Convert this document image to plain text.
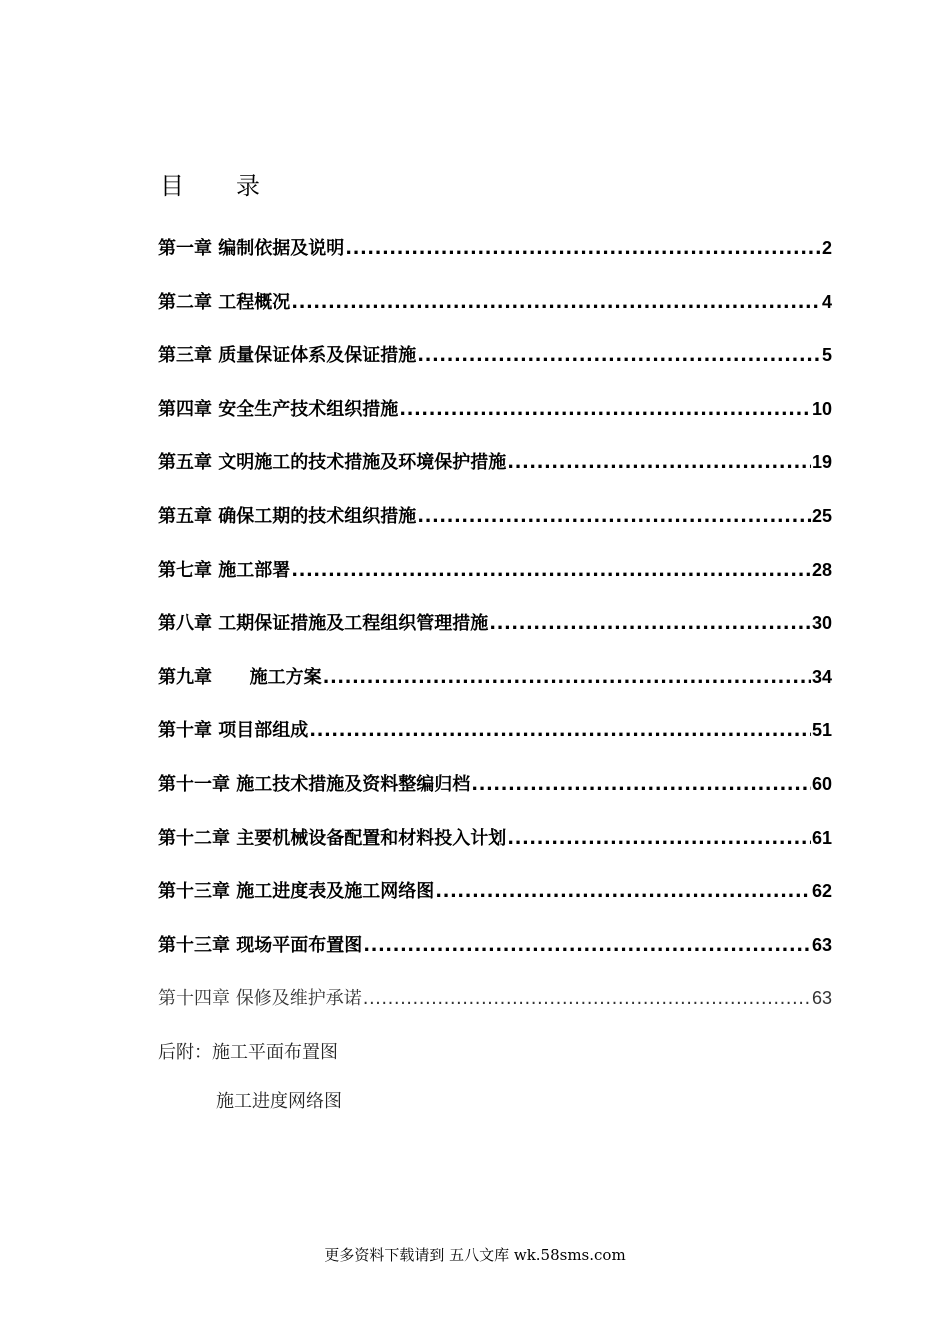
目 录
第一章 编制依据及说明 .....	2
第二章 工程概况 .....	4
第三章 质量保证体系及保证措施 .....	5
第四章 安全生产技术组织措施 .....	10
第五章 文明施工的技术措施及环境保护措施 .....	19
第五章 确保工期的技术组织措施 .....	25
第七章 施工部署 .....	28
第八章 工期保证措施及工程组织管理措施 .....	30
第九章      施工方案 .....	34
第十章 项目部组成 .....	51
第十一章 施工技术措施及资料整编归档 .....	60
第十二章 主要机械设备配置和材料投入计划 .....	61
第十三章 施工进度表及施工网络图 .....	62
第十三章 现场平面布置图 .....	63
第十四章 保修及维护承诺 .....	63
后附：施工平面布置图
施工进度网络图
更多资料下载请到 五八文库 wk.58sms.com
